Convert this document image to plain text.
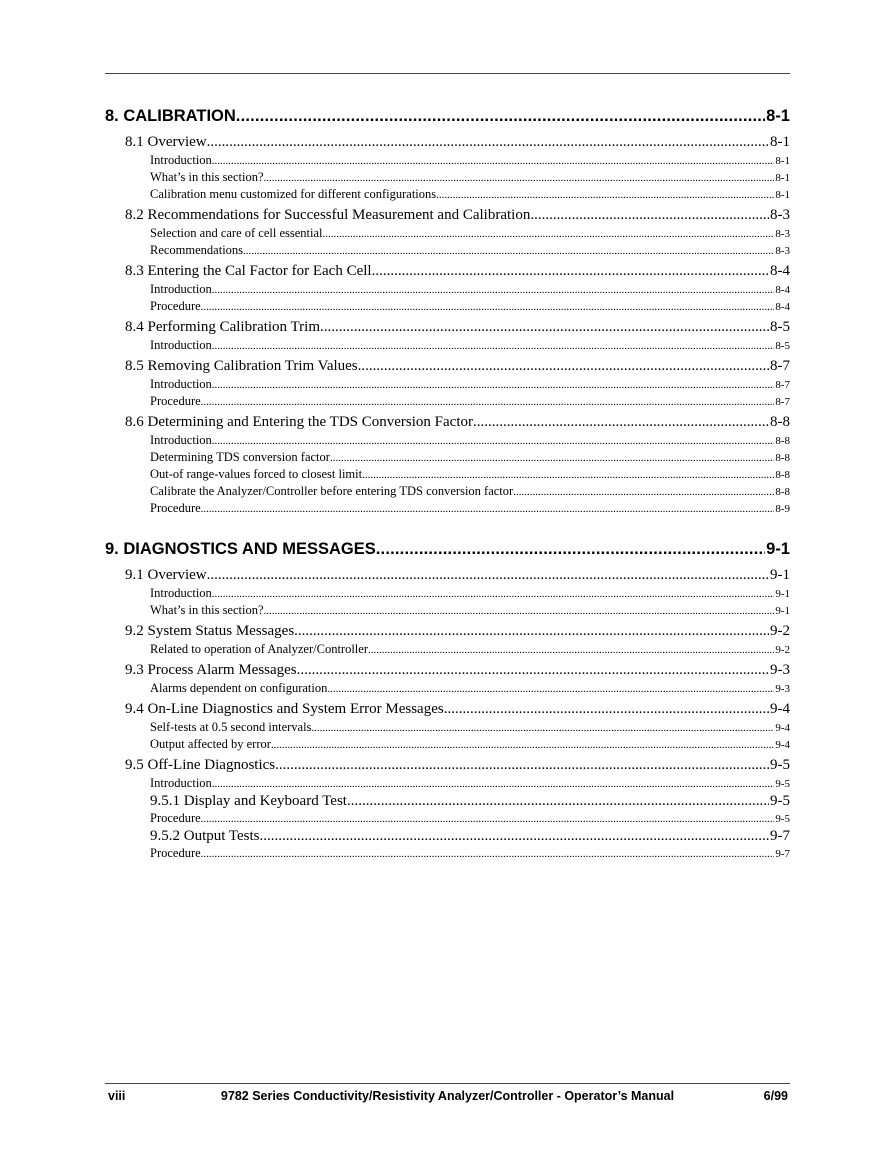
8. CALIBRATION .....	8-1
8.1 Overview .....	8-1
Introduction .....	8-1
What’s in this section? .....	8-1
Calibration menu customized for different configurations .....	8-1
8.2 Recommendations for Successful Measurement and Calibration .....	8-3
Selection and care of cell essential .....	8-3
Recommendations .....	8-3
8.3 Entering the Cal Factor for Each Cell .....	8-4
Introduction .....	8-4
Procedure .....	8-4
8.4 Performing Calibration Trim .....	8-5
Introduction .....	8-5
8.5 Removing Calibration Trim Values .....	8-7
Introduction .....	8-7
Procedure .....	8-7
8.6 Determining and Entering the TDS Conversion Factor .....	8-8
Introduction .....	8-8
Determining TDS conversion factor .....	8-8
Out-of range-values forced to closest limit .....	8-8
Calibrate the Analyzer/Controller before entering TDS conversion factor .....	8-8
Procedure .....	8-9
9. DIAGNOSTICS AND MESSAGES .....	9-1
9.1 Overview .....	9-1
Introduction .....	9-1
What’s in this section? .....	9-1
9.2 System Status Messages .....	9-2
Related to operation of Analyzer/Controller .....	9-2
9.3 Process Alarm Messages .....	9-3
Alarms dependent on configuration .....	9-3
9.4 On-Line Diagnostics and System Error Messages .....	9-4
Self-tests at 0.5 second intervals .....	9-4
Output affected by error .....	9-4
9.5 Off-Line Diagnostics .....	9-5
Introduction .....	9-5
9.5.1 Display and Keyboard Test .....	9-5
Procedure .....	9-5
9.5.2 Output Tests .....	9-7
Procedure .....	9-7
viii	9782 Series Conductivity/Resistivity Analyzer/Controller - Operator’s Manual	6/99
